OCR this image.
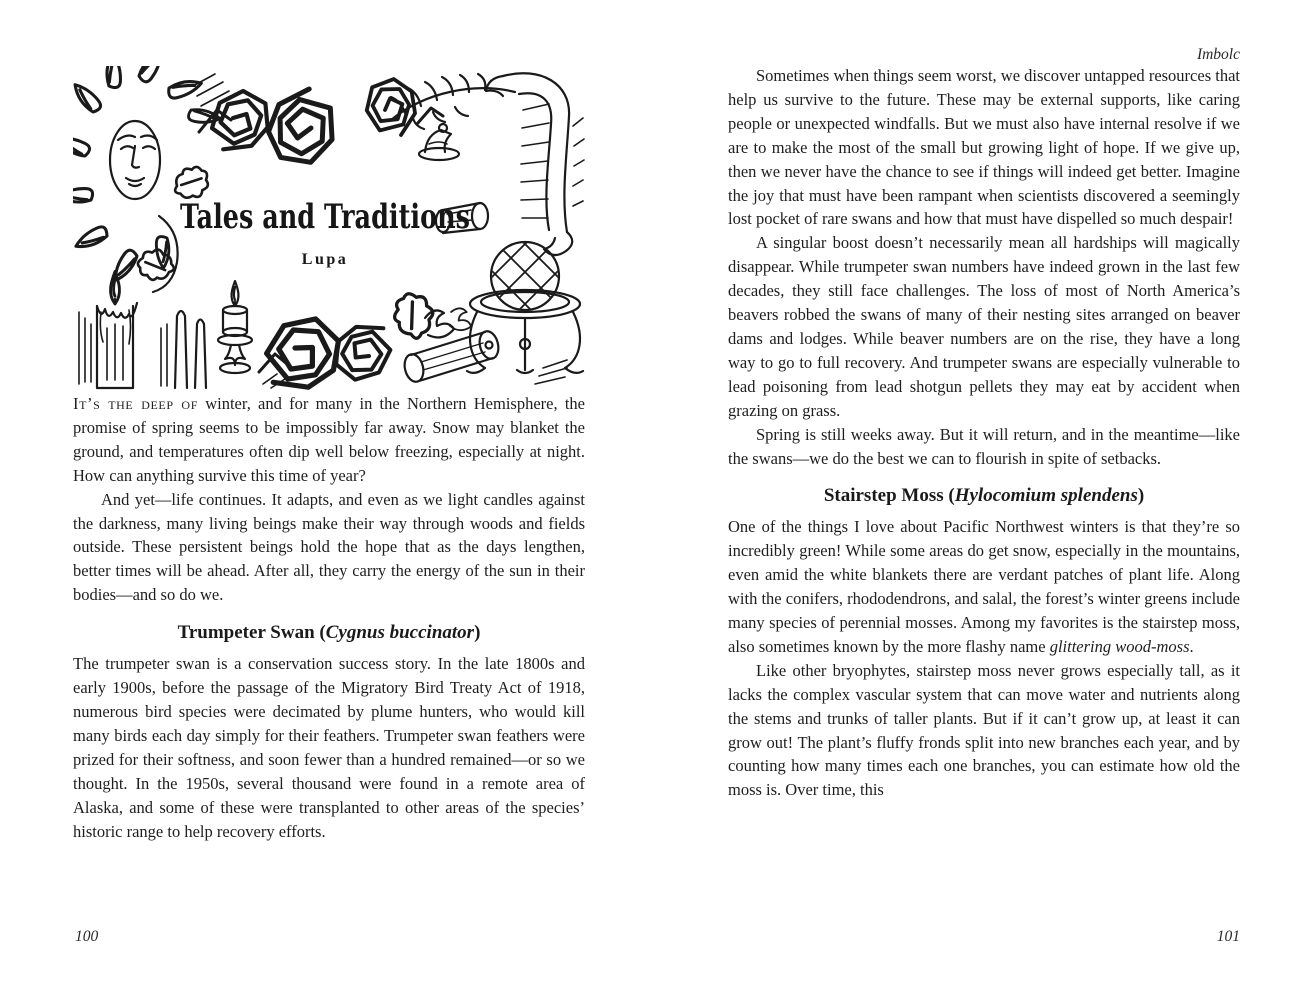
Tales and Traditions
Lupa

It’s the deep of winter, and for many in the Northern Hemisphere, the promise of spring seems to be impossibly far away. Snow may blanket the ground, and temperatures often dip well below freezing, especially at night. How can anything survive this time of year?

And yet—life continues. It adapts, and even as we light candles against the darkness, many living beings make their way through woods and fields outside. These persistent beings hold the hope that as the days lengthen, better times will be ahead. After all, they carry the energy of the sun in their bodies—and so do we.

Trumpeter Swan (Cygnus buccinator)

The trumpeter swan is a conservation success story. In the late 1800s and early 1900s, before the passage of the Migratory Bird Treaty Act of 1918, numerous bird species were decimated by plume hunters, who would kill many birds each day simply for their feathers. Trumpeter swan feathers were prized for their softness, and soon fewer than a hundred remained—or so we thought. In the 1950s, several thousand were found in a remote area of Alaska, and some of these were transplanted to other areas of the species’ historic range to help recovery efforts.

100
Imbolc

Sometimes when things seem worst, we discover untapped resources that help us survive to the future. These may be external supports, like caring people or unexpected windfalls. But we must also have internal resolve if we are to make the most of the small but growing light of hope. If we give up, then we never have the chance to see if things will indeed get better. Imagine the joy that must have been rampant when scientists discovered a seemingly lost pocket of rare swans and how that must have dispelled so much despair!

A singular boost doesn’t necessarily mean all hardships will magically disappear. While trumpeter swan numbers have indeed grown in the last few decades, they still face challenges. The loss of most of North America’s beavers robbed the swans of many of their nesting sites arranged on beaver dams and lodges. While beaver numbers are on the rise, they have a long way to go to full recovery. And trumpeter swans are especially vulnerable to lead poisoning from lead shotgun pellets they may eat by accident when grazing on grass.

Spring is still weeks away. But it will return, and in the meantime—like the swans—we do the best we can to flourish in spite of setbacks.

Stairstep Moss (Hylocomium splendens)

One of the things I love about Pacific Northwest winters is that they’re so incredibly green! While some areas do get snow, especially in the mountains, even amid the white blankets there are verdant patches of plant life. Along with the conifers, rhododendrons, and salal, the forest’s winter greens include many species of perennial mosses. Among my favorites is the stairstep moss, also sometimes known by the more flashy name glittering wood-moss.

Like other bryophytes, stairstep moss never grows especially tall, as it lacks the complex vascular system that can move water and nutrients along the stems and trunks of taller plants. But if it can’t grow up, at least it can grow out! The plant’s fluffy fronds split into new branches each year, and by counting how many times each one branches, you can estimate how old the moss is. Over time, this

101
